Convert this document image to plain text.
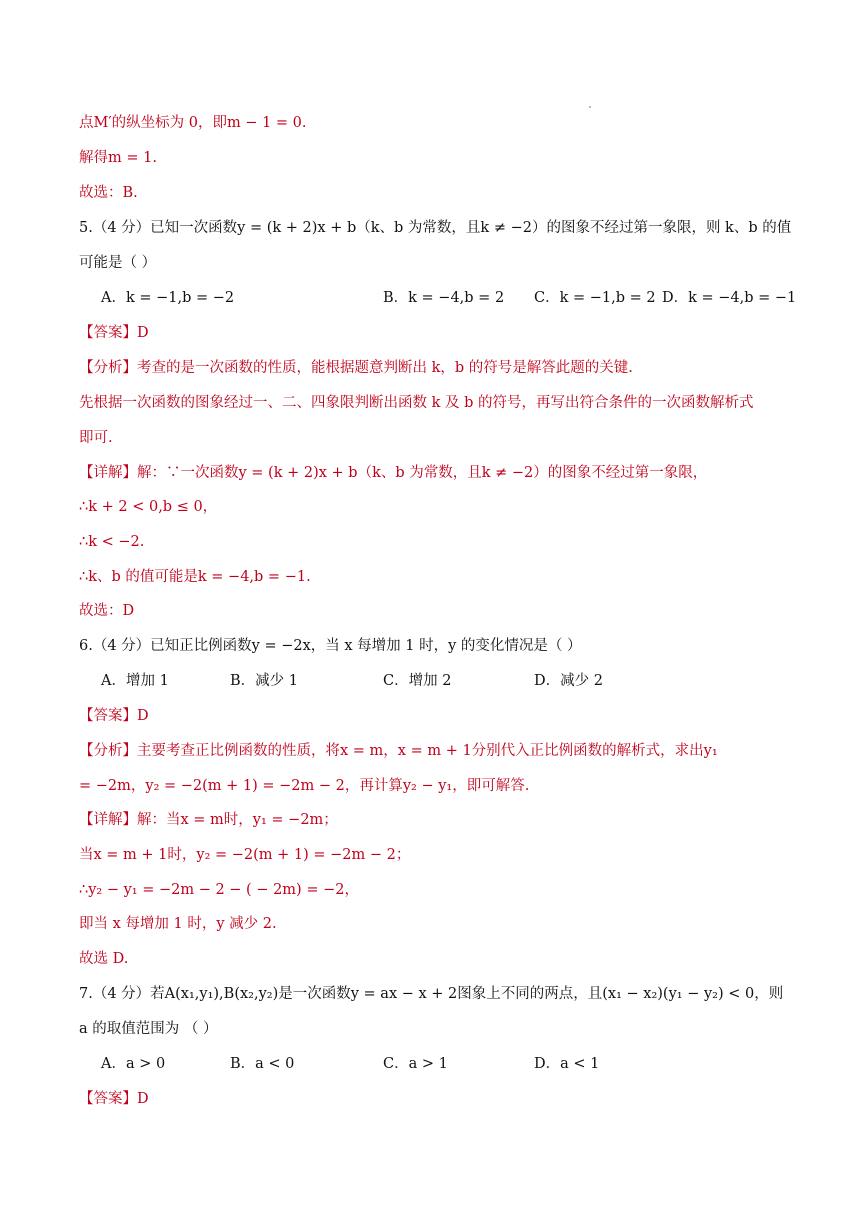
点M′的纵坐标为 0，即m − 1 = 0.
解得m = 1.
故选：B.
5.（4 分）已知一次函数y = (k + 2)x + b（k、b 为常数，且k ≠ −2）的图象不经过第一象限，则 k、b 的值
可能是（ ）
A．k = −1,b = −2	B．k = −4,b = 2 C．k = −1,b = 2 D．k = −4,b = −1
【答案】D
【分析】考查的是一次函数的性质，能根据题意判断出 k，b 的符号是解答此题的关键.
先根据一次函数的图象经过一、二、四象限判断出函数 k 及 b 的符号，再写出符合条件的一次函数解析式
即可.
【详解】解：∵一次函数y = (k + 2)x + b（k、b 为常数，且k ≠ −2）的图象不经过第一象限，
∴k + 2 < 0,b ≤ 0，
∴k < −2.
∴k、b 的值可能是k = −4,b = −1.
故选：D
6.（4 分）已知正比例函数y = −2x，当 x 每增加 1 时，y 的变化情况是（ ）
A．增加 1	B．减少 1	C．增加 2	D．减少 2
【答案】D
【分析】主要考查正比例函数的性质，将x = m，x = m + 1分别代入正比例函数的解析式，求出y₁
= −2m，y₂ = −2(m + 1) = −2m − 2，再计算y₂ − y₁，即可解答.
【详解】解：当x = m时，y₁ = −2m；
当x = m + 1时，y₂ = −2(m + 1) = −2m − 2；
∴y₂ − y₁ = −2m − 2 − ( − 2m) = −2，
即当 x 每增加 1 时，y 减少 2.
故选 D.
7.（4 分）若A(x₁,y₁),B(x₂,y₂)是一次函数y = ax − x + 2图象上不同的两点，且(x₁ − x₂)(y₁ − y₂) < 0，则
a 的取值范围为 （ ）
A．a > 0	B．a < 0	C．a > 1	D．a < 1
【答案】D
